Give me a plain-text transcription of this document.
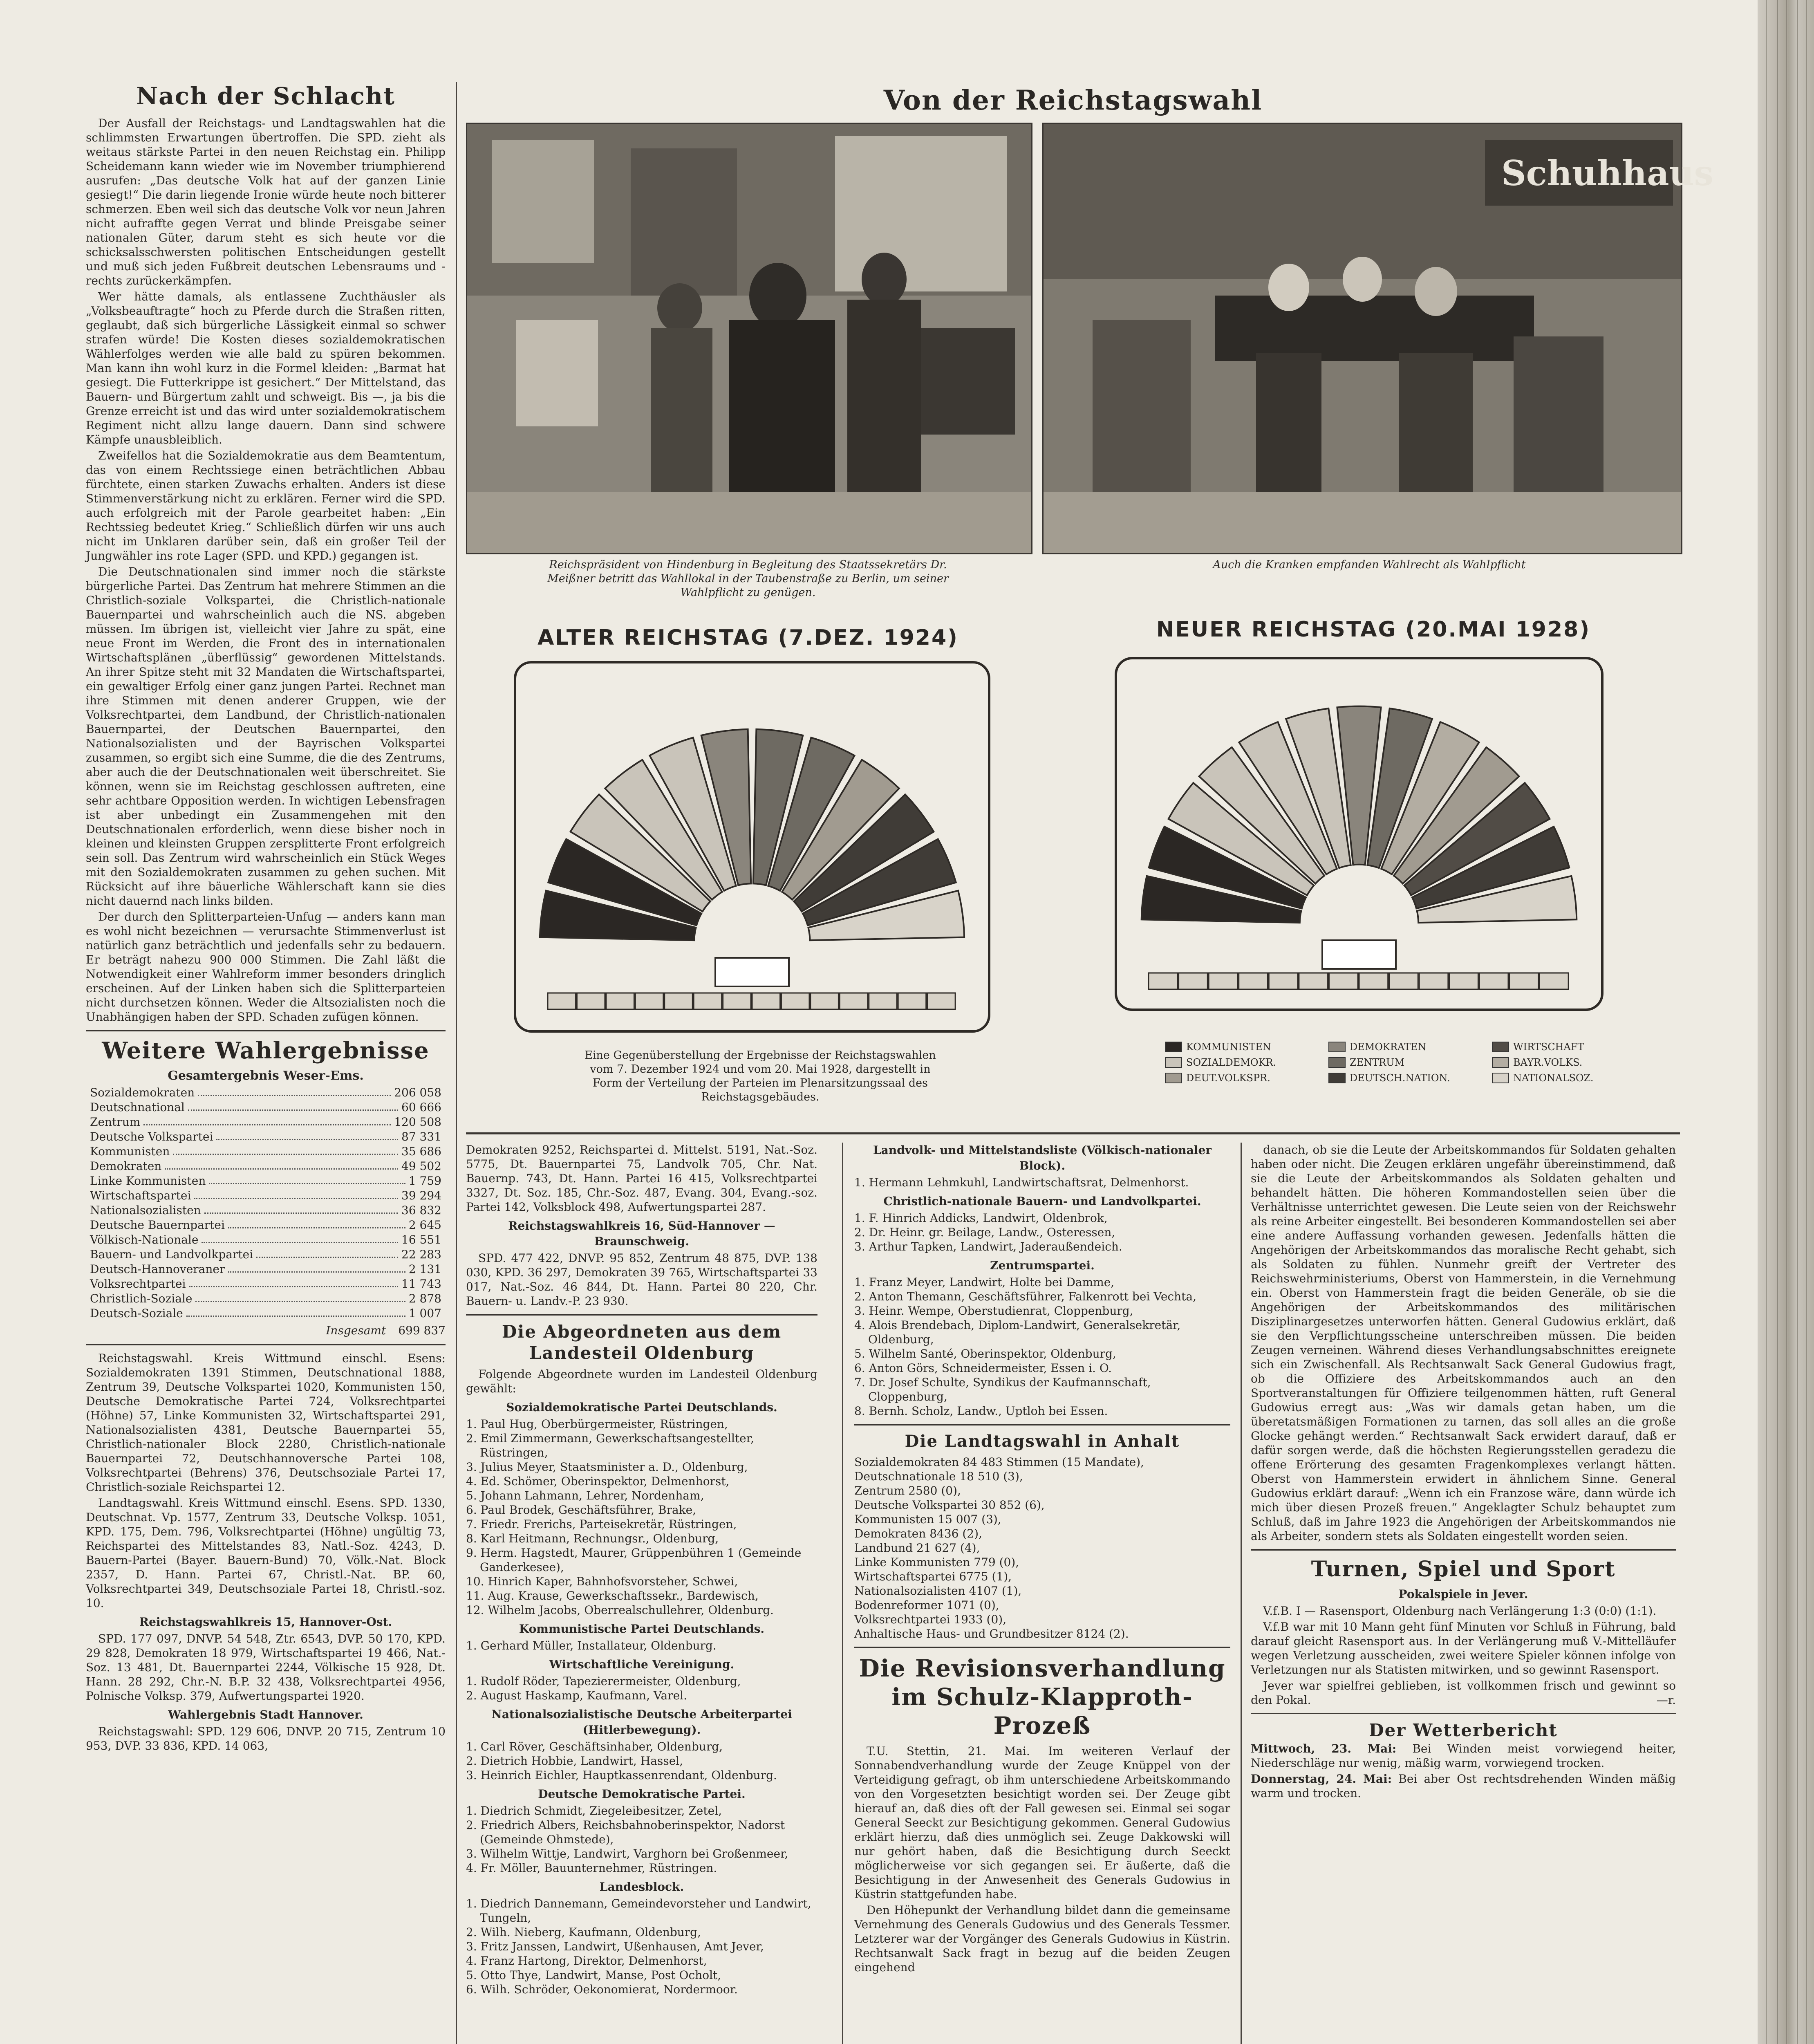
Nach der Schlacht

Der Ausfall der Reichstags- und Landtagswahlen hat die schlimmsten Erwartungen übertroffen. Die SPD. zieht als weitaus stärkste Partei in den neuen Reichstag ein. Philipp Scheidemann kann wieder wie im November triumphierend ausrufen: „Das deutsche Volk hat auf der ganzen Linie gesiegt!“ Die darin liegende Ironie würde heute noch bitterer schmerzen. Eben weil sich das deutsche Volk vor neun Jahren nicht aufraffte gegen Verrat und blinde Preisgabe seiner nationalen Güter, darum steht es sich heute vor die schicksalsschwersten politischen Entscheidungen gestellt und muß sich jeden Fußbreit deutschen Lebensraums und -rechts zurückerkämpfen.

Wer hätte damals, als entlassene Zuchthäusler als „Volksbeauftragte“ hoch zu Pferde durch die Straßen ritten, geglaubt, daß sich bürgerliche Lässigkeit einmal so schwer strafen würde! Die Kosten dieses sozialdemokratischen Wählerfolges werden wie alle bald zu spüren bekommen. Man kann ihn wohl kurz in die Formel kleiden: „Barmat hat gesiegt. Die Futterkrippe ist gesichert.“ Der Mittelstand, das Bauern- und Bürgertum zahlt und schweigt. Bis —, ja bis die Grenze erreicht ist und das wird unter sozialdemokratischem Regiment nicht allzu lange dauern. Dann sind schwere Kämpfe unausbleiblich.

Zweifellos hat die Sozialdemokratie aus dem Beamtentum, das von einem Rechtssiege einen beträchtlichen Abbau fürchtete, einen starken Zuwachs erhalten. Anders ist diese Stimmenverstärkung nicht zu erklären. Ferner wird die SPD. auch erfolgreich mit der Parole gearbeitet haben: „Ein Rechtssieg bedeutet Krieg.“ Schließlich dürfen wir uns auch nicht im Unklaren darüber sein, daß ein großer Teil der Jungwähler ins rote Lager (SPD. und KPD.) gegangen ist.

Die Deutschnationalen sind immer noch die stärkste bürgerliche Partei. Das Zentrum hat mehrere Stimmen an die Christlich-soziale Volkspartei, die Christlich-nationale Bauernpartei und wahrscheinlich auch die NS. abgeben müssen. Im übrigen ist, vielleicht vier Jahre zu spät, eine neue Front im Werden, die Front des in internationalen Wirtschaftsplänen „überflüssig“ gewordenen Mittelstands. An ihrer Spitze steht mit 32 Mandaten die Wirtschaftspartei, ein gewaltiger Erfolg einer ganz jungen Partei. Rechnet man ihre Stimmen mit denen anderer Gruppen, wie der Volksrechtpartei, dem Landbund, der Christlich-nationalen Bauernpartei, der Deutschen Bauernpartei, den Nationalsozialisten und der Bayrischen Volkspartei zusammen, so ergibt sich eine Summe, die die des Zentrums, aber auch die der Deutschnationalen weit überschreitet. Sie können, wenn sie im Reichstag geschlossen auftreten, eine sehr achtbare Opposition werden. In wichtigen Lebensfragen ist aber unbedingt ein Zusammengehen mit den Deutschnationalen erforderlich, wenn diese bisher noch in kleinen und kleinsten Gruppen zersplitterte Front erfolgreich sein soll. Das Zentrum wird wahrscheinlich ein Stück Weges mit den Sozialdemokraten zusammen zu gehen suchen. Mit Rücksicht auf ihre bäuerliche Wählerschaft kann sie dies nicht dauernd nach links bilden.

Der durch den Splitterparteien-Unfug — anders kann man es wohl nicht bezeichnen — verursachte Stimmenverlust ist natürlich ganz beträchtlich und jedenfalls sehr zu bedauern. Er beträgt nahezu 900 000 Stimmen. Die Zahl läßt die Notwendigkeit einer Wahlreform immer besonders dringlich erscheinen. Auf der Linken haben sich die Splitterparteien nicht durchsetzen können. Weder die Altsozialisten noch die Unabhängigen haben der SPD. Schaden zufügen können.

Weitere Wahlergebnisse
Gesamtergebnis Weser-Ems.
Sozialdemokraten	206 058
Deutschnational	60 666
Zentrum	120 508
Deutsche Volkspartei	87 331
Kommunisten	35 686
Demokraten	49 502
Linke Kommunisten	1 759
Wirtschaftspartei	39 294
Nationalsozialisten	36 832
Deutsche Bauernpartei	2 645
Völkisch-Nationale	16 551
Bauern- und Landvolkpartei	22 283
Deutsch-Hannoveraner	2 131
Volksrechtpartei	11 743
Christlich-Soziale	2 878
Deutsch-Soziale	1 007
Insgesamt 699 837

Reichstagswahl. Kreis Wittmund einschl. Esens: Sozialdemokraten 1391 Stimmen, Deutschnational 1888, Zentrum 39, Deutsche Volkspartei 1020, Kommunisten 150, Deutsche Demokratische Partei 724, Volksrechtpartei (Höhne) 57, Linke Kommunisten 32, Wirtschaftspartei 291, Nationalsozialisten 4381, Deutsche Bauernpartei 55, Christlich-nationaler Block 2280, Christlich-nationale Bauernpartei 72, Deutschhannoversche Partei 108, Volksrechtpartei (Behrens) 376, Deutschsoziale Partei 17, Christlich-soziale Reichspartei 12.

Landtagswahl. Kreis Wittmund einschl. Esens. SPD. 1330, Deutschnat. Vp. 1577, Zentrum 33, Deutsche Volksp. 1051, KPD. 175, Dem. 796, Volksrechtpartei (Höhne) ungültig 73, Reichspartei des Mittelstandes 83, Natl.-Soz. 4243, D. Bauern-Partei (Bayer. Bauern-Bund) 70, Völk.-Nat. Block 2357, D. Hann. Partei 67, Christl.-Nat. BP. 60, Volksrechtpartei 349, Deutschsoziale Partei 18, Christl.-soz. 10.

Reichstagswahlkreis 15, Hannover-Ost.

SPD. 177 097, DNVP. 54 548, Ztr. 6543, DVP. 50 170, KPD. 29 828, Demokraten 18 979, Wirtschaftspartei 19 466, Nat.-Soz. 13 481, Dt. Bauernpartei 2244, Völkische 15 928, Dt. Hann. 28 292, Chr.-N. B.P. 32 438, Volksrechtpartei 4956, Polnische Volksp. 379, Aufwertungspartei 1920.

Wahlergebnis Stadt Hannover.

Reichstagswahl: SPD. 129 606, DNVP. 20 715, Zentrum 10 953, DVP. 33 836, KPD. 14 063,

Von der Reichstagswahl
Reichspräsident von Hindenburg in Begleitung des Staatssekretärs Dr. Meißner betritt das Wahllokal in der Taubenstraße zu Berlin, um seiner Wahlpflicht zu genügen.
Schuhhaus
Auch die Kranken empfanden Wahlrecht als Wahlpflicht
ALTER REICHSTAG (7.DEZ. 1924)	NEUER REICHSTAG (20.MAI 1928)
Eine Gegenüberstellung der Ergebnisse der Reichstagswahlen vom 7. Dezember 1924 und vom 20. Mai 1928, dargestellt in Form der Verteilung der Parteien im Plenarsitzungssaal des Reichstagsgebäudes.
KOMMUNISTEN	DEMOKRATEN	WIRTSCHAFT
SOZIALDEMOKR.	ZENTRUM	BAYR.VOLKS.
DEUT.VOLKSPR.	DEUTSCH.NATION.	NATIONALSOZ.

Demokraten 9252, Reichspartei d. Mittelst. 5191, Nat.-Soz. 5775, Dt. Bauernpartei 75, Landvolk 705, Chr. Nat. Bauernp. 743, Dt. Hann. Partei 16 415, Volksrechtpartei 3327, Dt. Soz. 185, Chr.-Soz. 487, Evang. 304, Evang.-soz. Partei 142, Volksblock 498, Aufwertungspartei 287.

Reichstagswahlkreis 16, Süd-Hannover — Braunschweig.

SPD. 477 422, DNVP. 95 852, Zentrum 48 875, DVP. 138 030, KPD. 36 297, Demokraten 39 765, Wirtschaftspartei 33 017, Nat.-Soz. 46 844, Dt. Hann. Partei 80 220, Chr. Bauern- u. Landv.-P. 23 930.

Die Abgeordneten aus dem Landesteil Oldenburg

Folgende Abgeordnete wurden im Landesteil Oldenburg gewählt:

Sozialdemokratische Partei Deutschlands.
1. Paul Hug, Oberbürgermeister, Rüstringen,
2. Emil Zimmermann, Gewerkschaftsangestellter, Rüstringen,
3. Julius Meyer, Staatsminister a. D., Oldenburg,
4. Ed. Schömer, Oberinspektor, Delmenhorst,
5. Johann Lahmann, Lehrer, Nordenham,
6. Paul Brodek, Geschäftsführer, Brake,
7. Friedr. Frerichs, Parteisekretär, Rüstringen,
8. Karl Heitmann, Rechnungsr., Oldenburg,
9. Herm. Hagstedt, Maurer, Grüppenbühren 1 (Gemeinde Ganderkesee),
10. Hinrich Kaper, Bahnhofsvorsteher, Schwei,
11. Aug. Krause, Gewerkschaftssekr., Bardewisch,
12. Wilhelm Jacobs, Oberrealschullehrer, Oldenburg.
Kommunistische Partei Deutschlands.
1. Gerhard Müller, Installateur, Oldenburg.
Wirtschaftliche Vereinigung.
1. Rudolf Röder, Tapezierermeister, Oldenburg,
2. August Haskamp, Kaufmann, Varel.
Nationalsozialistische Deutsche Arbeiterpartei (Hitlerbewegung).
1. Carl Röver, Geschäftsinhaber, Oldenburg,
2. Dietrich Hobbie, Landwirt, Hassel,
3. Heinrich Eichler, Hauptkassenrendant, Oldenburg.
Deutsche Demokratische Partei.
1. Diedrich Schmidt, Ziegeleibesitzer, Zetel,
2. Friedrich Albers, Reichsbahnoberinspektor, Nadorst (Gemeinde Ohmstede),
3. Wilhelm Wittje, Landwirt, Varghorn bei Großenmeer,
4. Fr. Möller, Bauunternehmer, Rüstringen.
Landesblock.
1. Diedrich Dannemann, Gemeindevorsteher und Landwirt, Tungeln,
2. Wilh. Nieberg, Kaufmann, Oldenburg,
3. Fritz Janssen, Landwirt, Ußenhausen, Amt Jever,
4. Franz Hartong, Direktor, Delmenhorst,
5. Otto Thye, Landwirt, Manse, Post Ocholt,
6. Wilh. Schröder, Oekonomierat, Nordermoor.
Landvolk- und Mittelstandsliste (Völkisch-nationaler Block).
1. Hermann Lehmkuhl, Landwirtschaftsrat, Delmenhorst.
Christlich-nationale Bauern- und Landvolkpartei.
1. F. Hinrich Addicks, Landwirt, Oldenbrok,
2. Dr. Heinr. gr. Beilage, Landw., Osteressen,
3. Arthur Tapken, Landwirt, Jaderaußendeich.
Zentrumspartei.
1. Franz Meyer, Landwirt, Holte bei Damme,
2. Anton Themann, Geschäftsführer, Falkenrott bei Vechta,
3. Heinr. Wempe, Oberstudienrat, Cloppenburg,
4. Alois Brendebach, Diplom-Landwirt, Generalsekretär, Oldenburg,
5. Wilhelm Santé, Oberinspektor, Oldenburg,
6. Anton Görs, Schneidermeister, Essen i. O.
7. Dr. Josef Schulte, Syndikus der Kaufmannschaft, Cloppenburg,
8. Bernh. Scholz, Landw., Uptloh bei Essen.
Die Landtagswahl in Anhalt
Sozialdemokraten 84 483 Stimmen (15 Mandate),
Deutschnationale 18 510 (3),
Zentrum 2580 (0),
Deutsche Volkspartei 30 852 (6),
Kommunisten 15 007 (3),
Demokraten 8436 (2),
Landbund 21 627 (4),
Linke Kommunisten 779 (0),
Wirtschaftspartei 6775 (1),
Nationalsozialisten 4107 (1),
Bodenreformer 1071 (0),
Volksrechtpartei 1933 (0),
Anhaltische Haus- und Grundbesitzer 8124 (2).
Die Revisionsverhandlung im Schulz-Klapproth-Prozeß

T.U. Stettin, 21. Mai. Im weiteren Verlauf der Sonnabendverhandlung wurde der Zeuge Knüppel von der Verteidigung gefragt, ob ihm unterschiedene Arbeitskommando von den Vorgesetzten besichtigt worden sei. Der Zeuge gibt hierauf an, daß dies oft der Fall gewesen sei. Einmal sei sogar General Seeckt zur Besichtigung gekommen. General Gudowius erklärt hierzu, daß dies unmöglich sei. Zeuge Dakkowski will nur gehört haben, daß die Besichtigung durch Seeckt möglicherweise vor sich gegangen sei. Er äußerte, daß die Besichtigung in der Anwesenheit des Generals Gudowius in Küstrin stattgefunden habe.

Den Höhepunkt der Verhandlung bildet dann die gemeinsame Vernehmung des Generals Gudowius und des Generals Tessmer. Letzterer war der Vorgänger des Generals Gudowius in Küstrin. Rechtsanwalt Sack fragt in bezug auf die beiden Zeugen eingehend

danach, ob sie die Leute der Arbeitskommandos für Soldaten gehalten haben oder nicht. Die Zeugen erklären ungefähr übereinstimmend, daß sie die Leute der Arbeitskommandos als Soldaten gehalten und behandelt hätten. Die höheren Kommandostellen seien über die Verhältnisse unterrichtet gewesen. Die Leute seien von der Reichswehr als reine Arbeiter eingestellt. Bei besonderen Kommandostellen sei aber eine andere Auffassung vorhanden gewesen. Jedenfalls hätten die Angehörigen der Arbeitskommandos das moralische Recht gehabt, sich als Soldaten zu fühlen. Nunmehr greift der Vertreter des Reichswehrministeriums, Oberst von Hammerstein, in die Vernehmung ein. Oberst von Hammerstein fragt die beiden Generäle, ob sie die Angehörigen der Arbeitskommandos des militärischen Disziplinargesetzes unterworfen hätten. General Gudowius erklärt, daß sie den Verpflichtungsscheine unterschreiben müssen. Die beiden Zeugen verneinen. Während dieses Verhandlungsabschnittes ereignete sich ein Zwischenfall. Als Rechtsanwalt Sack General Gudowius fragt, ob die Offiziere des Arbeitskommandos auch an den Sportveranstaltungen für Offiziere teilgenommen hätten, ruft General Gudowius erregt aus: „Was wir damals getan haben, um die überetatsmäßigen Formationen zu tarnen, das soll alles an die große Glocke gehängt werden.“ Rechtsanwalt Sack erwidert darauf, daß er dafür sorgen werde, daß die höchsten Regierungsstellen geradezu die offene Erörterung des gesamten Fragenkomplexes verlangt hätten. Oberst von Hammerstein erwidert in ähnlichem Sinne. General Gudowius erklärt darauf: „Wenn ich ein Franzose wäre, dann würde ich mich über diesen Prozeß freuen.“ Angeklagter Schulz behauptet zum Schluß, daß im Jahre 1923 die Angehörigen der Arbeitskommandos nie als Arbeiter, sondern stets als Soldaten eingestellt worden seien.

Turnen, Spiel und Sport
Pokalspiele in Jever.

V.f.B. I — Rasensport, Oldenburg nach Verlängerung 1:3 (0:0) (1:1).

V.f.B war mit 10 Mann geht fünf Minuten vor Schluß in Führung, bald darauf gleicht Rasensport aus. In der Verlängerung muß V.-Mittelläufer wegen Verletzung ausscheiden, zwei weitere Spieler können infolge von Verletzungen nur als Statisten mitwirken, und so gewinnt Rasensport.

Jever war spielfrei geblieben, ist vollkommen frisch und gewinnt so den Pokal.	—r.

Der Wetterbericht

Mittwoch, 23. Mai: Bei Winden meist vorwiegend heiter, Niederschläge nur wenig, mäßig warm, vorwiegend trocken.

Donnerstag, 24. Mai: Bei aber Ost rechtsdrehenden Winden mäßig warm und trocken.
